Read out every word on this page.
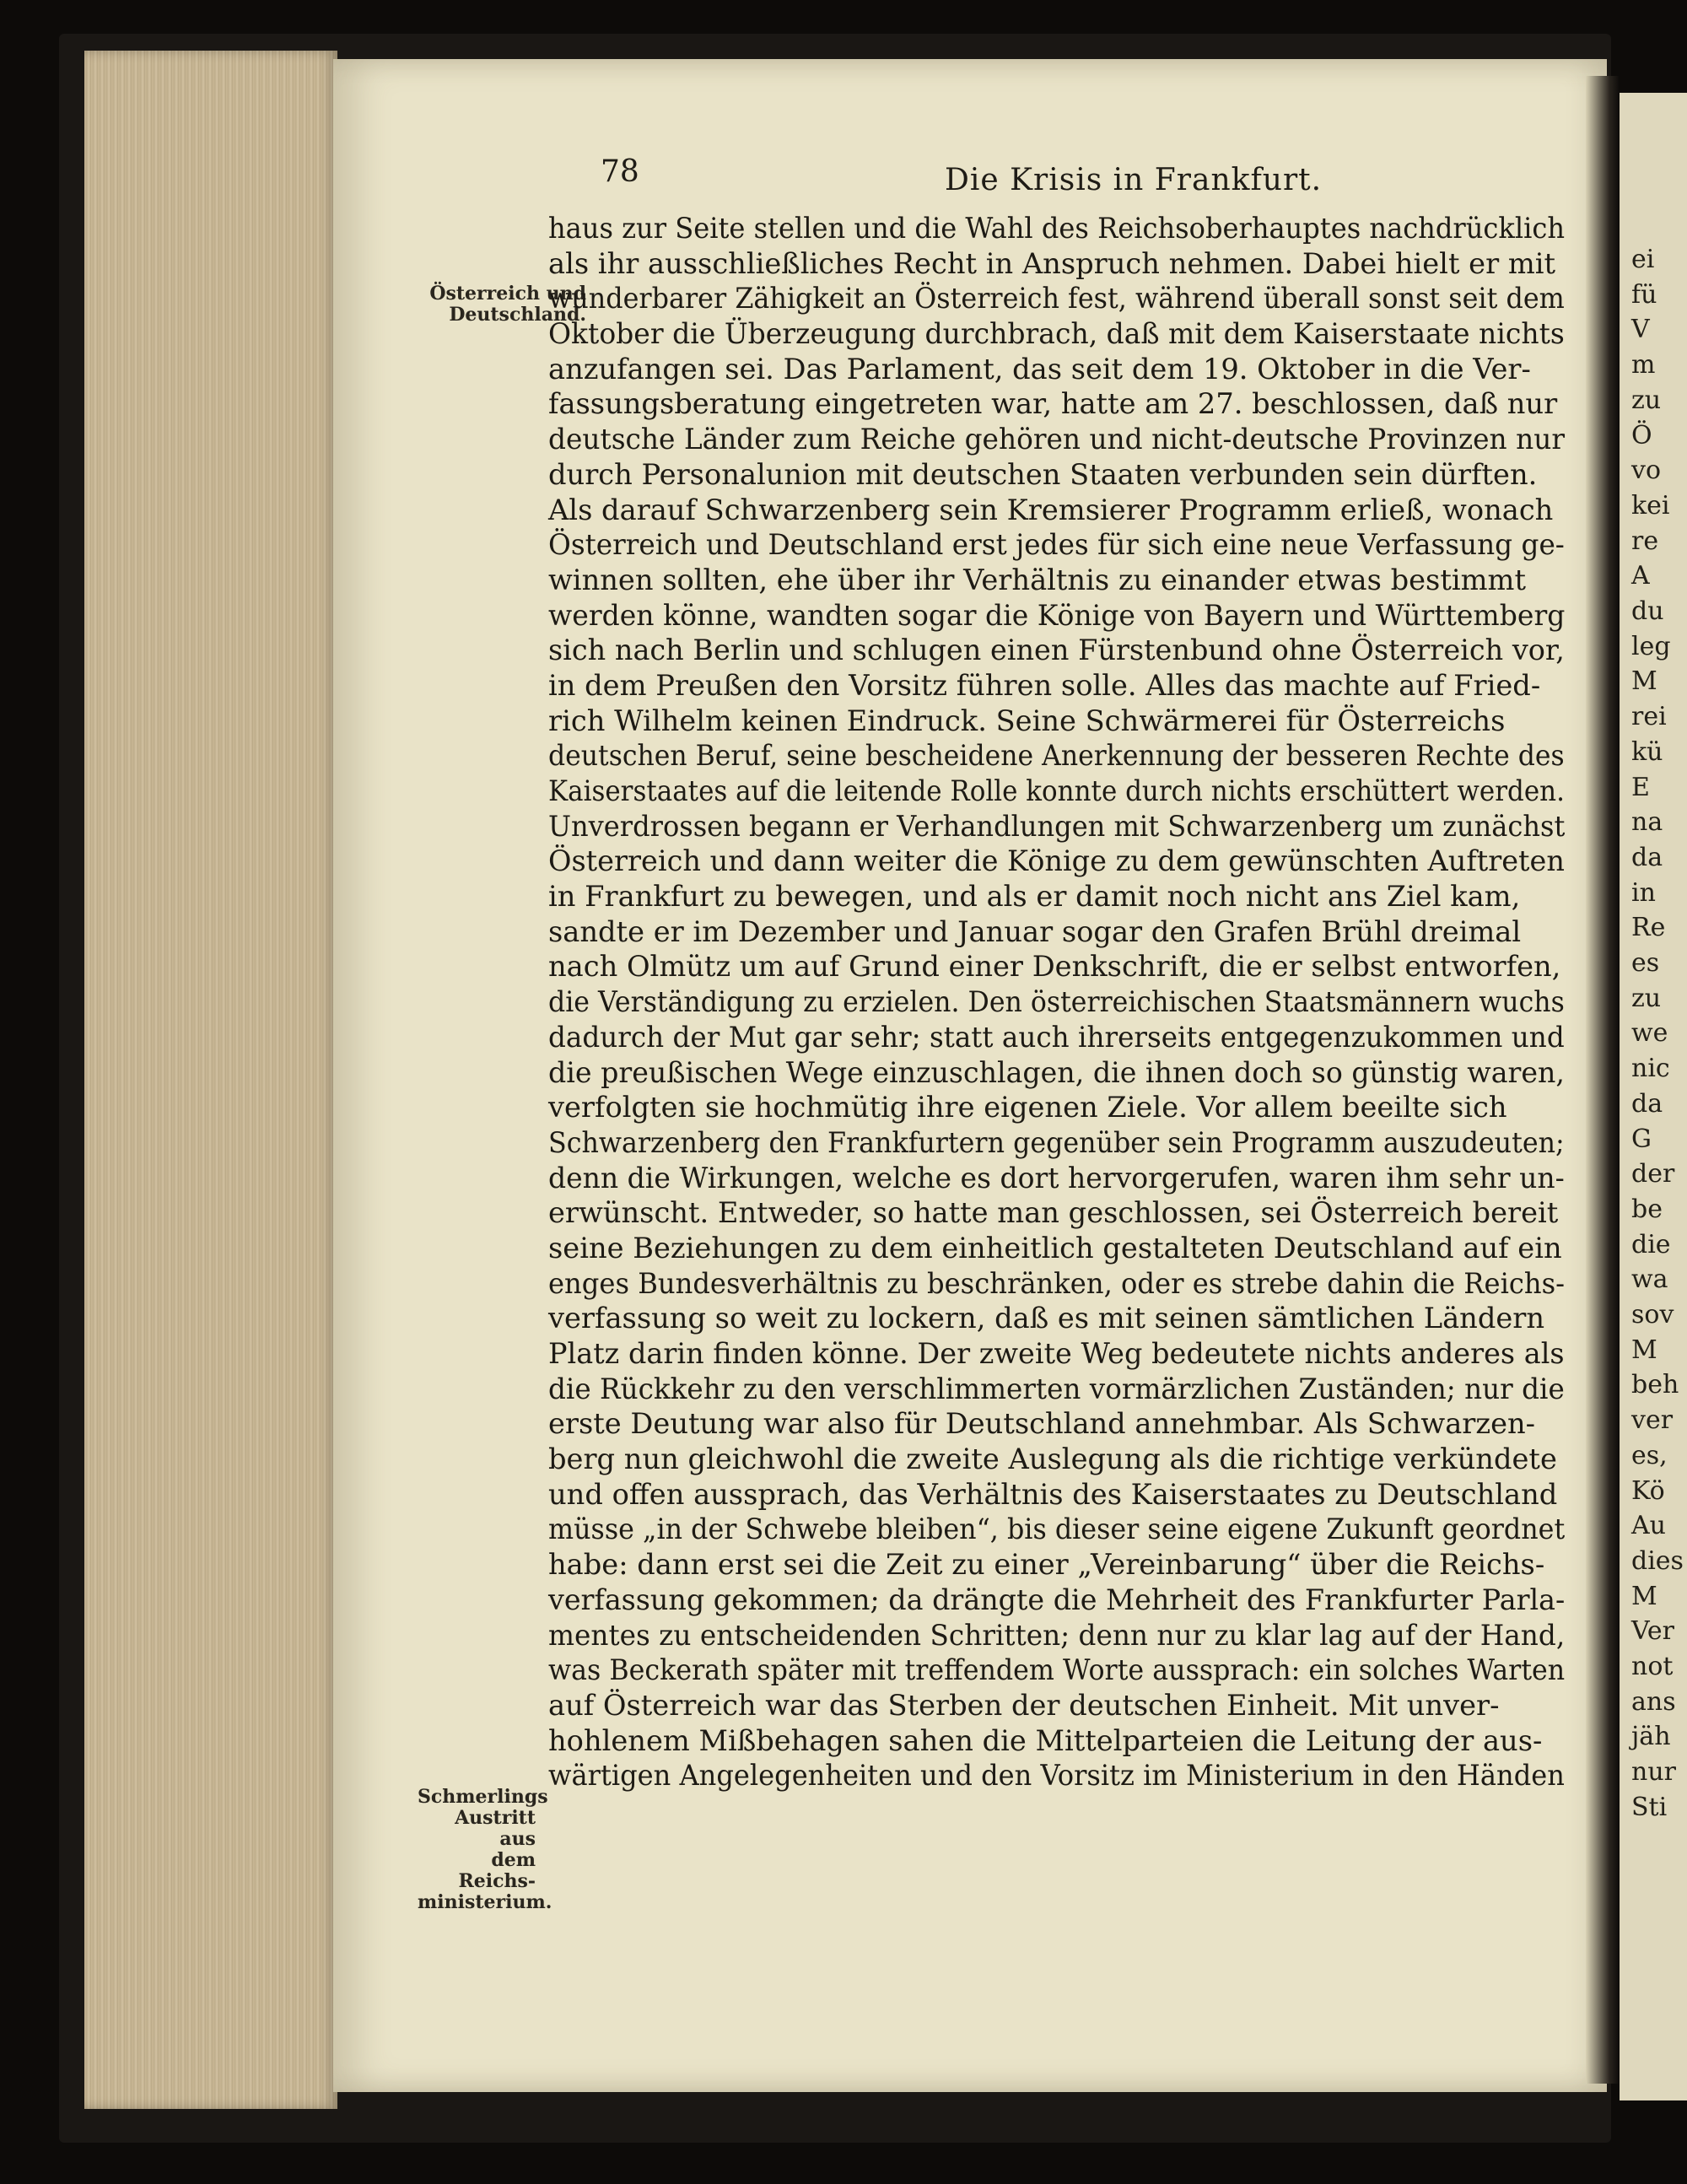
ei
fü
V
m
zu
Ö
vo
kei
re
A
du
leg
M
rei
kü
E
na
da
in
Re
es
zu
we
nic
da
G
der
be
die
wa
sov
M
beh
ver
es,
Kö
Au
dies
M
Ver
not
ans
jäh
nur
Sti
78	Die Krisis in Frankfurt.
Österreich und
Deutschland.
Schmerlings
Austritt aus
dem Reichs-
ministerium.
haus zur Seite stellen und die Wahl des Reichsoberhauptes nachdrücklich
als ihr ausschließliches Recht in Anspruch nehmen. Dabei hielt er mit
wunderbarer Zähigkeit an Österreich fest, während überall sonst seit dem
Oktober die Überzeugung durchbrach, daß mit dem Kaiserstaate nichts
anzufangen sei. Das Parlament, das seit dem 19. Oktober in die Ver-
fassungsberatung eingetreten war, hatte am 27. beschlossen, daß nur
deutsche Länder zum Reiche gehören und nicht-deutsche Provinzen nur
durch Personalunion mit deutschen Staaten verbunden sein dürften.
Als darauf Schwarzenberg sein Kremsierer Programm erließ, wonach
Österreich und Deutschland erst jedes für sich eine neue Verfassung ge-
winnen sollten, ehe über ihr Verhältnis zu einander etwas bestimmt
werden könne, wandten sogar die Könige von Bayern und Württemberg
sich nach Berlin und schlugen einen Fürstenbund ohne Österreich vor,
in dem Preußen den Vorsitz führen solle. Alles das machte auf Fried-
rich Wilhelm keinen Eindruck. Seine Schwärmerei für Österreichs
deutschen Beruf, seine bescheidene Anerkennung der besseren Rechte des
Kaiserstaates auf die leitende Rolle konnte durch nichts erschüttert werden.
Unverdrossen begann er Verhandlungen mit Schwarzenberg um zunächst
Österreich und dann weiter die Könige zu dem gewünschten Auftreten
in Frankfurt zu bewegen, und als er damit noch nicht ans Ziel kam,
sandte er im Dezember und Januar sogar den Grafen Brühl dreimal
nach Olmütz um auf Grund einer Denkschrift, die er selbst entworfen,
die Verständigung zu erzielen. Den österreichischen Staatsmännern wuchs
dadurch der Mut gar sehr; statt auch ihrerseits entgegenzukommen und
die preußischen Wege einzuschlagen, die ihnen doch so günstig waren,
verfolgten sie hochmütig ihre eigenen Ziele. Vor allem beeilte sich
Schwarzenberg den Frankfurtern gegenüber sein Programm auszudeuten;
denn die Wirkungen, welche es dort hervorgerufen, waren ihm sehr un-
erwünscht. Entweder, so hatte man geschlossen, sei Österreich bereit
seine Beziehungen zu dem einheitlich gestalteten Deutschland auf ein
enges Bundesverhältnis zu beschränken, oder es strebe dahin die Reichs-
verfassung so weit zu lockern, daß es mit seinen sämtlichen Ländern
Platz darin finden könne. Der zweite Weg bedeutete nichts anderes als
die Rückkehr zu den verschlimmerten vormärzlichen Zuständen; nur die
erste Deutung war also für Deutschland annehmbar. Als Schwarzen-
berg nun gleichwohl die zweite Auslegung als die richtige verkündete
und offen aussprach, das Verhältnis des Kaiserstaates zu Deutschland
müsse „in der Schwebe bleiben“, bis dieser seine eigene Zukunft geordnet
habe: dann erst sei die Zeit zu einer „Vereinbarung“ über die Reichs-
verfassung gekommen; da drängte die Mehrheit des Frankfurter Parla-
mentes zu entscheidenden Schritten; denn nur zu klar lag auf der Hand,
was Beckerath später mit treffendem Worte aussprach: ein solches Warten
auf Österreich war das Sterben der deutschen Einheit. Mit unver-
hohlenem Mißbehagen sahen die Mittelparteien die Leitung der aus-
wärtigen Angelegenheiten und den Vorsitz im Ministerium in den Händen
